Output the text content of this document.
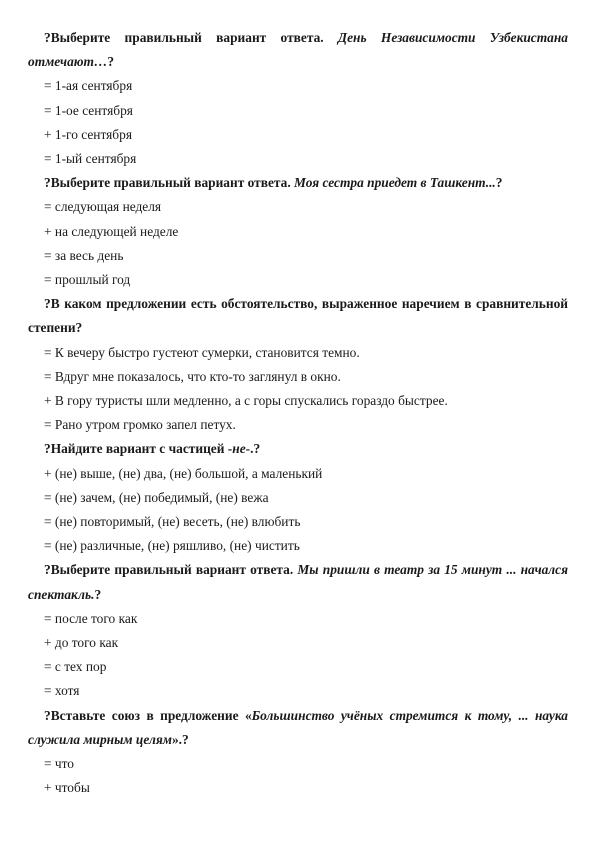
?Выберите правильный вариант ответа. День Независимости Узбекистана отмечают…?

= 1-ая сентября

= 1-ое сентября

+ 1-го сентября

= 1-ый сентября

?Выберите правильный вариант ответа. Моя сестра приедет в Ташкент...?

= следующая неделя

+ на следующей неделе

= за весь день

= прошлый год

?В каком предложении есть обстоятельство, выраженное наречием в сравнительной степени?

= К вечеру быстро густеют сумерки, становится темно.

= Вдруг мне показалось, что кто-то заглянул в окно.

+ В гору туристы шли медленно, а с горы спускались гораздо быстрее.

= Рано утром громко запел петух.

?Найдите вариант с частицей -не-.?

+ (не) выше, (не) два, (не) большой, а маленький

= (не) зачем, (не) победимый, (не) вежа

= (не) повторимый, (не) весеть, (не) влюбить

= (не) различные, (не) ряшливо, (не) чистить

?Выберите правильный вариант ответа. Мы пришли в театр за 15 минут ... начался спектакль.?

= после того как

+ до того как

= с тех пор

= хотя

?Вставьте союз в предложение «Большинство учёных стремится к тому, ... наука служила мирным целям».?

= что

+ чтобы
